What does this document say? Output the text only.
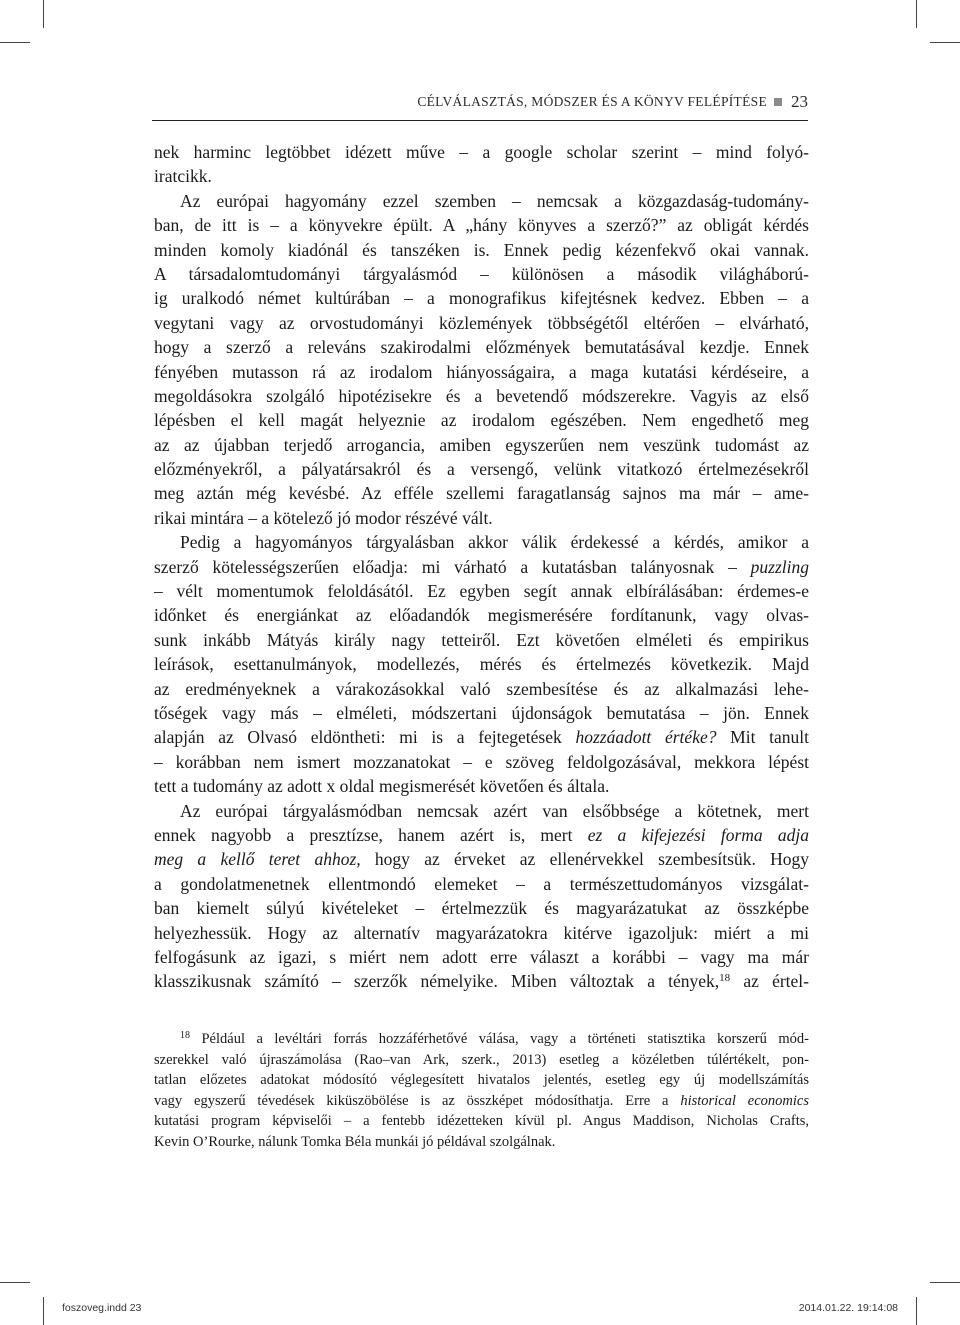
CÉLVÁLASZTÁS, MÓDSZER ÉS A KÖNYV FELÉPÍTÉSE 23
nek harminc legtöbbet idézett műve – a google scholar szerint – mind folyó-
iratcikk.
Az európai hagyomány ezzel szemben – nemcsak a közgazdaság-tudomány-
ban, de itt is – a könyvekre épült. A „hány könyves a szerző?” az obligát kérdés
minden komoly kiadónál és tanszéken is. Ennek pedig kézenfekvő okai vannak.
A társadalomtudományi tárgyalásmód – különösen a második világháború-
ig uralkodó német kultúrában – a monografikus kifejtésnek kedvez. Ebben – a
vegytani vagy az orvostudományi közlemények többségétől eltérően – elvárható,
hogy a szerző a releváns szakirodalmi előzmények bemutatásával kezdje. Ennek
fényében mutasson rá az irodalom hiányosságaira, a maga kutatási kérdéseire, a
megoldásokra szolgáló hipotézisekre és a bevetendő módszerekre. Vagyis az első
lépésben el kell magát helyeznie az irodalom egészében. Nem engedhető meg
az az újabban terjedő arrogancia, amiben egyszerűen nem veszünk tudomást az
előzményekről, a pályatársakról és a versengő, velünk vitatkozó értelmezésekről
meg aztán még kevésbé. Az efféle szellemi faragatlanság sajnos ma már – ame-
rikai mintára – a kötelező jó modor részévé vált.
Pedig a hagyományos tárgyalásban akkor válik érdekessé a kérdés, amikor a
szerző kötelességszerűen előadja: mi várható a kutatásban talányosnak – puzzling
– vélt momentumok feloldásától. Ez egyben segít annak elbírálásában: érdemes-e
időnket és energiánkat az előadandók megismerésére fordítanunk, vagy olvas-
sunk inkább Mátyás király nagy tetteiről. Ezt követően elméleti és empirikus
leírások, esettanulmányok, modellezés, mérés és értelmezés következik. Majd
az eredményeknek a várakozásokkal való szembesítése és az alkalmazási lehe-
tőségek vagy más – elméleti, módszertani újdonságok bemutatása – jön. Ennek
alapján az Olvasó eldöntheti: mi is a fejtegetések hozzáadott értéke? Mit tanult
– korábban nem ismert mozzanatokat – e szöveg feldolgozásával, mekkora lépést
tett a tudomány az adott x oldal megismerését követően és általa.
Az európai tárgyalásmódban nemcsak azért van elsőbbsége a kötetnek, mert
ennek nagyobb a presztízse, hanem azért is, mert ez a kifejezési forma adja
meg a kellő teret ahhoz, hogy az érveket az ellenérvekkel szembesítsük. Hogy
a gondolatmenetnek ellentmondó elemeket – a természettudományos vizsgálat-
ban kiemelt súlyú kivételeket – értelmezzük és magyarázatukat az összképbe
helyezhessük. Hogy az alternatív magyarázatokra kitérve igazoljuk: miért a mi
felfogásunk az igazi, s miért nem adott erre választ a korábbi – vagy ma már
klasszikusnak számító – szerzők némelyike. Miben változtak a tények,$^{18}$ az értel-
$^{18}$ Például a levéltári forrás hozzáférhetővé válása, vagy a történeti statisztika korszerű mód-
szerekkel való újraszámolása (Rao–van Ark, szerk., 2013) esetleg a közéletben túlértékelt, pon-
tatlan előzetes adatokat módosító véglegesített hivatalos jelentés, esetleg egy új modellszámítás
vagy egyszerű tévedések kiküszöbölése is az összképet módosíthatja. Erre a historical economics
kutatási program képviselői – a fentebb idézetteken kívül pl. Angus Maddison, Nicholas Crafts,
Kevin O’Rourke, nálunk Tomka Béla munkái jó példával szolgálnak.
foszoveg.indd 23	2014.01.22. 19:14:08
